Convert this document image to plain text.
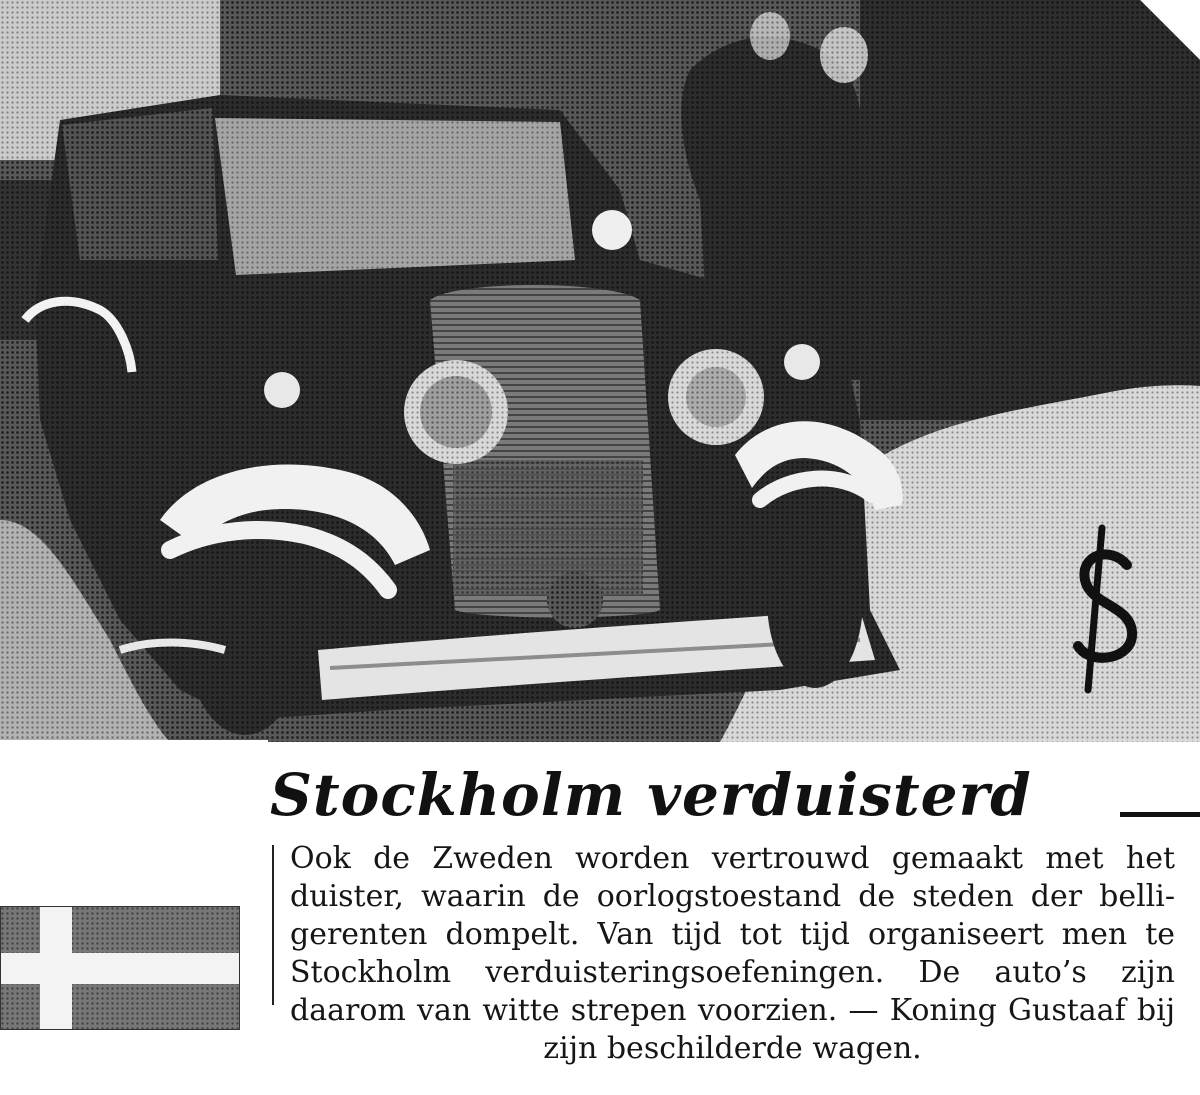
Stockholm verduisterd

Ook de Zweden worden vertrouwd gemaakt met het duister, waarin de oorlogstoestand de steden der belligerenten dompelt. Van tijd tot tijd organiseert men te Stockholm verduisteringsoefeningen. De auto’s zijn daarom van witte strepen voorzien. — Koning Gustaaf bij zijn beschilderde wagen.
